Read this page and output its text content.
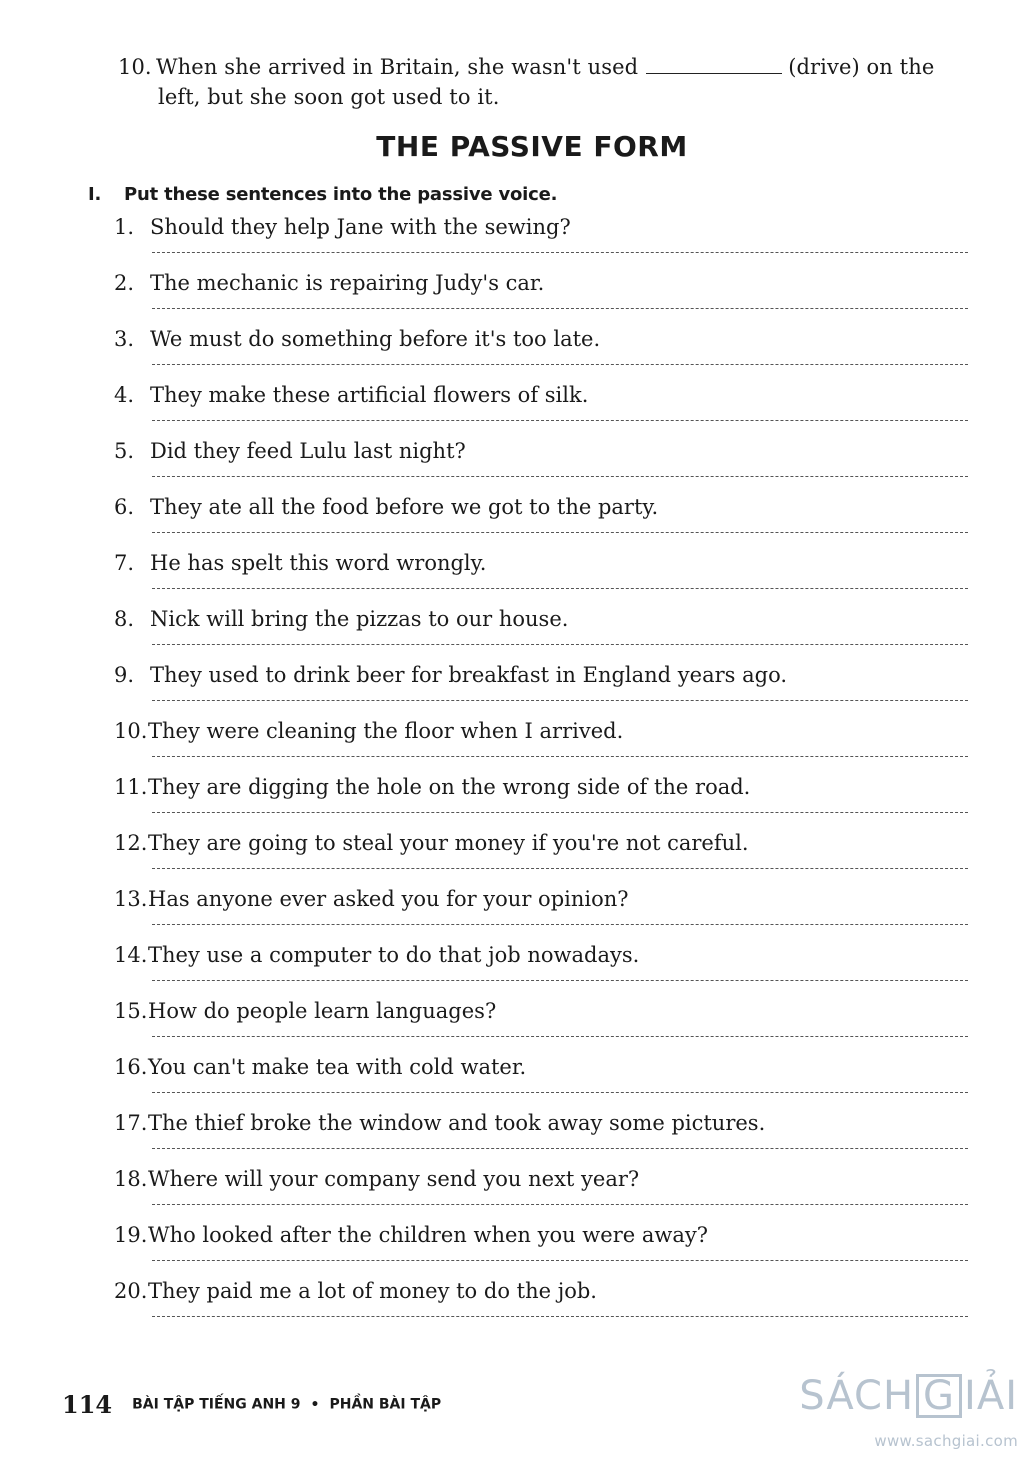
10. When she arrived in Britain, she wasn't used	(drive) on the
left, but she soon got used to it.
THE PASSIVE FORM
I. Put these sentences into the passive voice.
1. Should they help Jane with the sewing?
2. The mechanic is repairing Judy's car.
3. We must do something before it's too late.
4. They make these artificial flowers of silk.
5. Did they feed Lulu last night?
6. They ate all the food before we got to the party.
7. He has spelt this word wrongly.
8. Nick will bring the pizzas to our house.
9. They used to drink beer for breakfast in England years ago.
10.They were cleaning the floor when I arrived.
11.They are digging the hole on the wrong side of the road.
12.They are going to steal your money if you're not careful.
13.Has anyone ever asked you for your opinion?
14.They use a computer to do that job nowadays.
15.How do people learn languages?
16.You can't make tea with cold water.
17.The thief broke the window and took away some pictures.
18.Where will your company send you next year?
19.Who looked after the children when you were away?
20.They paid me a lot of money to do the job.
114 BÀI TẬP TIẾNG ANH 9 • PHẦN BÀI TẬP	SÁCH G IẢI
www.sachgiai.com
